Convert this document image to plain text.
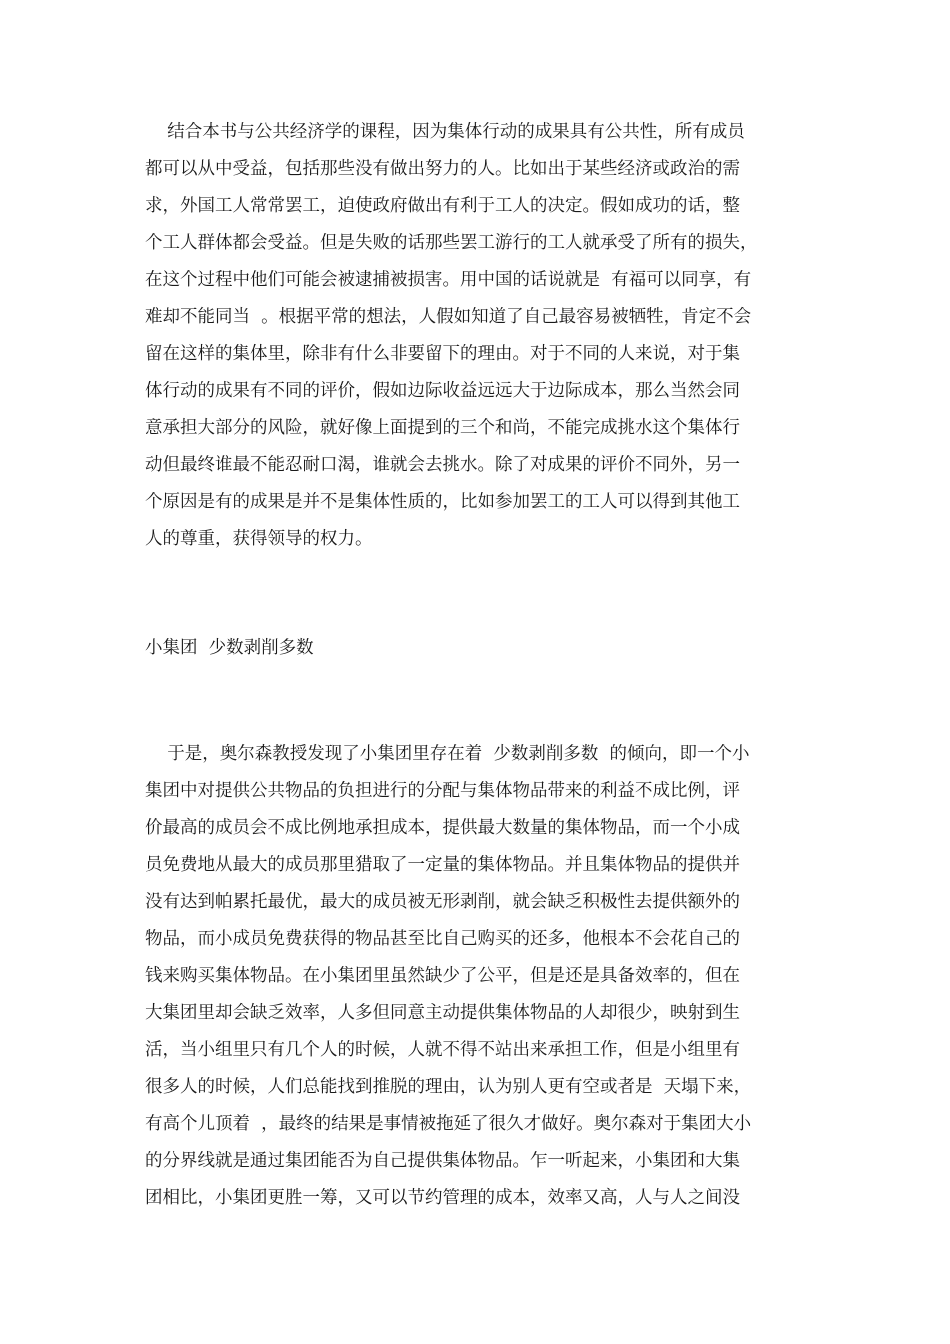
结合本书与公共经济学的课程，因为集体行动的成果具有公共性，所有成员
都可以从中受益，包括那些没有做出努力的人。比如出于某些经济或政治的需
求，外国工人常常罢工，迫使政府做出有利于工人的决定。假如成功的话，整
个工人群体都会受益。但是失败的话那些罢工游行的工人就承受了所有的损失，
在这个过程中他们可能会被逮捕被损害。用中国的话说就是  有福可以同享，有
难却不能同当  。根据平常的想法，人假如知道了自己最容易被牺牲，肯定不会
留在这样的集体里，除非有什么非要留下的理由。对于不同的人来说，对于集
体行动的成果有不同的评价，假如边际收益远远大于边际成本，那么当然会同
意承担大部分的风险，就好像上面提到的三个和尚，不能完成挑水这个集体行
动但最终谁最不能忍耐口渴，谁就会去挑水。除了对成果的评价不同外，另一
个原因是有的成果是并不是集体性质的，比如参加罢工的工人可以得到其他工
人的尊重，获得领导的权力。

小集团  少数剥削多数

于是，奥尔森教授发现了小集团里存在着  少数剥削多数  的倾向，即一个小
集团中对提供公共物品的负担进行的分配与集体物品带来的利益不成比例，评
价最高的成员会不成比例地承担成本，提供最大数量的集体物品，而一个小成
员免费地从最大的成员那里猎取了一定量的集体物品。并且集体物品的提供并
没有达到帕累托最优，最大的成员被无形剥削，就会缺乏积极性去提供额外的
物品，而小成员免费获得的物品甚至比自己购买的还多，他根本不会花自己的
钱来购买集体物品。在小集团里虽然缺少了公平，但是还是具备效率的，但在
大集团里却会缺乏效率，人多但同意主动提供集体物品的人却很少，映射到生
活，当小组里只有几个人的时候，人就不得不站出来承担工作，但是小组里有
很多人的时候，人们总能找到推脱的理由，认为别人更有空或者是  天塌下来，
有高个儿顶着  ，最终的结果是事情被拖延了很久才做好。奥尔森对于集团大小
的分界线就是通过集团能否为自己提供集体物品。乍一听起来，小集团和大集
团相比，小集团更胜一筹，又可以节约管理的成本，效率又高，人与人之间没
